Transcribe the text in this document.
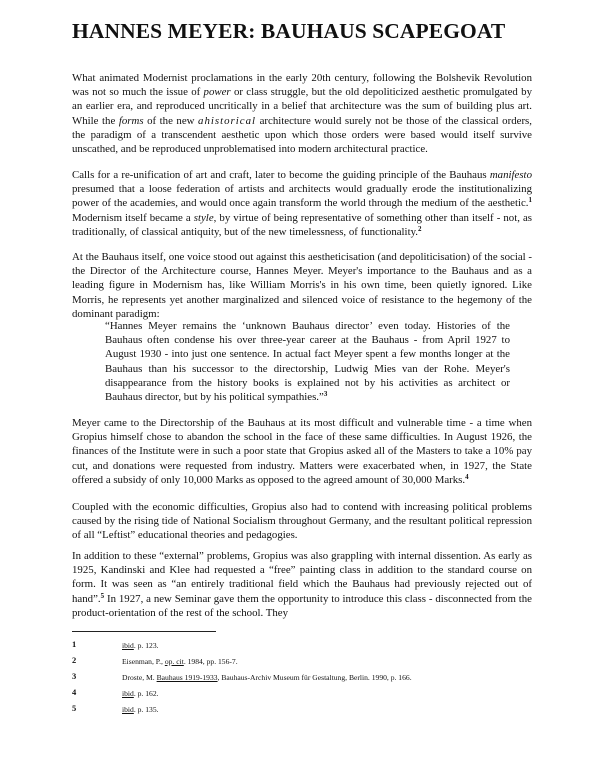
HANNES MEYER: BAUHAUS SCAPEGOAT

What animated Modernist proclamations in the early 20th century, following the Bolshevik Revolution was not so much the issue of power or class struggle, but the old depoliticized aesthetic promulgated by an earlier era, and reproduced uncritically in a belief that architecture was the sum of building plus art. While the forms of the new ahistorical architecture would surely not be those of the classical orders, the paradigm of a transcendent aesthetic upon which those orders were based would itself survive unscathed, and be reproduced unproblematised into modern architectural practice.

Calls for a re-unification of art and craft, later to become the guiding principle of the Bauhaus manifesto presumed that a loose federation of artists and architects would gradually erode the institutionalizing power of the academies, and would once again transform the world through the medium of the aesthetic.$^1$ Modernism itself became a style, by virtue of being representative of something other than itself - not, as traditionally, of classical antiquity, but of the new timelessness, of functionality.$^2$

At the Bauhaus itself, one voice stood out against this aestheticisation (and depoliticisation) of the social - the Director of the Architecture course, Hannes Meyer. Meyer's importance to the Bauhaus and as a leading figure in Modernism has, like William Morris's in his own time, been quietly ignored. Like Morris, he represents yet another marginalized and silenced voice of resistance to the hegemony of the dominant paradigm:

“Hannes Meyer remains the ‘unknown Bauhaus director’ even today. Histories of the Bauhaus often condense his over three-year career at the Bauhaus - from April 1927 to August 1930 - into just one sentence. In actual fact Meyer spent a few months longer at the Bauhaus than his successor to the directorship, Ludwig Mies van der Rohe. Meyer's disappearance from the history books is explained not by his activities as architect or Bauhaus director, but by his political sympathies.”$^3$

Meyer came to the Directorship of the Bauhaus at its most difficult and vulnerable time - a time when Gropius himself chose to abandon the school in the face of these same difficulties. In August 1926, the finances of the Institute were in such a poor state that Gropius asked all of the Masters to take a 10% pay cut, and donations were requested from industry. Matters were exacerbated when, in 1927, the State offered a subsidy of only 10,000 Marks as opposed to the agreed amount of 30,000 Marks.$^4$

Coupled with the economic difficulties, Gropius also had to contend with increasing political problems caused by the rising tide of National Socialism throughout Germany, and the resultant political repression of all “Leftist” educational theories and pedagogies.

In addition to these “external” problems, Gropius was also grappling with internal dissention. As early as 1925, Kandinski and Klee had requested a “free” painting class in addition to the standard course on form. It was seen as “an entirely traditional field which the Bauhaus had previously rejected out of hand”.$^5$ In 1927, a new Seminar gave them the opportunity to introduce this class - disconnected from the product-orientation of the rest of the school. They

1	ibid. p. 123.
2	Eisenman, P., op. cit. 1984, pp. 156-7.
3	Droste, M. Bauhaus 1919-1933, Bauhaus-Archiv Museum für Gestaltung, Berlin. 1990, p. 166.
4	ibid. p. 162.
5	ibid. p. 135.
